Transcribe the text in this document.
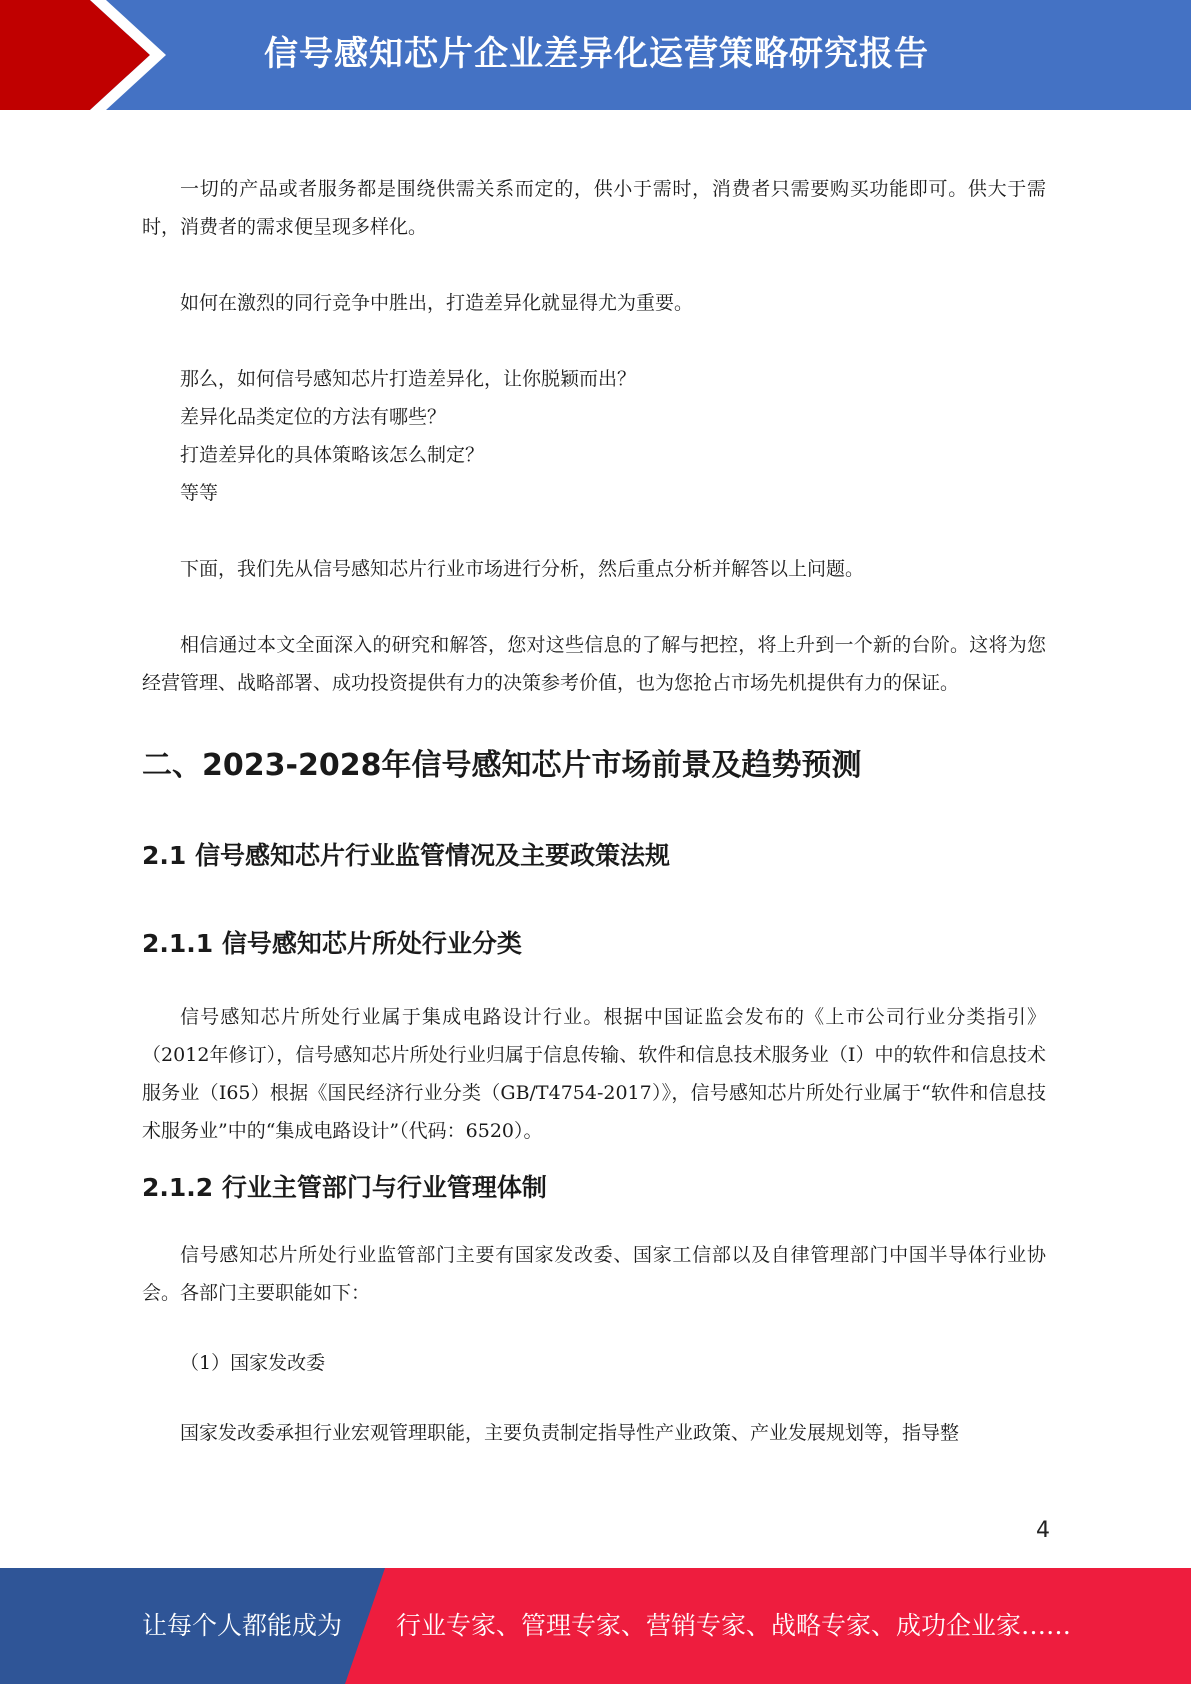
信号感知芯片企业差异化运营策略研究报告

一切的产品或者服务都是围绕供需关系而定的，供小于需时，消费者只需要购买功能即可。供大于需时，消费者的需求便呈现多样化。

如何在激烈的同行竞争中胜出，打造差异化就显得尤为重要。

那么，如何信号感知芯片打造差异化，让你脱颖而出？

差异化品类定位的方法有哪些？

打造差异化的具体策略该怎么制定？

等等

下面，我们先从信号感知芯片行业市场进行分析，然后重点分析并解答以上问题。

相信通过本文全面深入的研究和解答，您对这些信息的了解与把控，将上升到一个新的台阶。这将为您经营管理、战略部署、成功投资提供有力的决策参考价值，也为您抢占市场先机提供有力的保证。

二、2023-2028年信号感知芯片市场前景及趋势预测
2.1 信号感知芯片行业监管情况及主要政策法规
2.1.1 信号感知芯片所处行业分类

信号感知芯片所处行业属于集成电路设计行业。根据中国证监会发布的《上市公司行业分类指引》（2012年修订），信号感知芯片所处行业归属于信息传输、软件和信息技术服务业（I）中的软件和信息技术服务业（I65）根据《国民经济行业分类（GB/T4754-2017）》，信号感知芯片所处行业属于“软件和信息技术服务业”中的“集成电路设计”（代码：6520）。

2.1.2 行业主管部门与行业管理体制

信号感知芯片所处行业监管部门主要有国家发改委、国家工信部以及自律管理部门中国半导体行业协会。各部门主要职能如下：

（1）国家发改委

国家发改委承担行业宏观管理职能，主要负责制定指导性产业政策、产业发展规划等，指导整

4
让每个人都能成为 行业专家、管理专家、营销专家、战略专家、成功企业家……
